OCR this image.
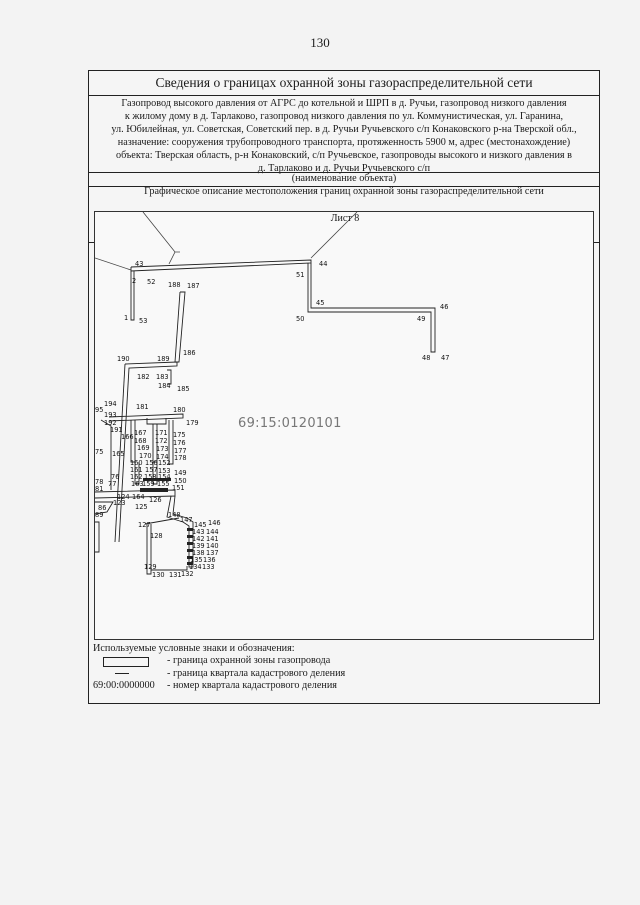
130
Сведения о границах охранной зоны газораспределительной сети
Газопровод высокого давления от АГРС до котельной и ШРП в д. Ручьи, газопровод низкого давления
к жилому дому в д. Тарлаково, газопровод низкого давления по ул. Коммунистическая, ул. Гаранина,
ул. Юбилейная, ул. Советская, Советский пер. в д. Ручьи Ручьевского с/п Конаковского р-на Тверской обл.,
назначение: сооружения трубопроводного транспорта, протяженность 5900 м, адрес (местонахождение)
объекта: Тверская область, р-н Конаковский, с/п Ручьевское, газопроводы высокого и низкого давления в
д. Тарлаково и д. Ручьи Ручьевского с/п
(наименование объекта)
Графическое описание местоположения границ охранной зоны газораспределительной сети
Лист 8
69:15:0120101
43
2 52
44
51
188 187
45	46
50	49
1 53
48 47
186
190	189
182 183
184 185
194
95
193
192
191
181	180
179
166 167 171 175
168 172 176
169 173 177
75 165 170 174 178
160 156 152
161 157 153
76 162 158 154 149
78 77 163
159 155 150
81	151
124 164
123	126
125
86
89	148
147
145 146
127
143 144
128	142 141
139 140
138 137
135 136
129	134 133
130 131 132
Используемые условные знаки и обозначения:
- граница охранной зоны газопровода
- граница квартала кадастрового деления
69:00:0000000 - номер квартала кадастрового деления
